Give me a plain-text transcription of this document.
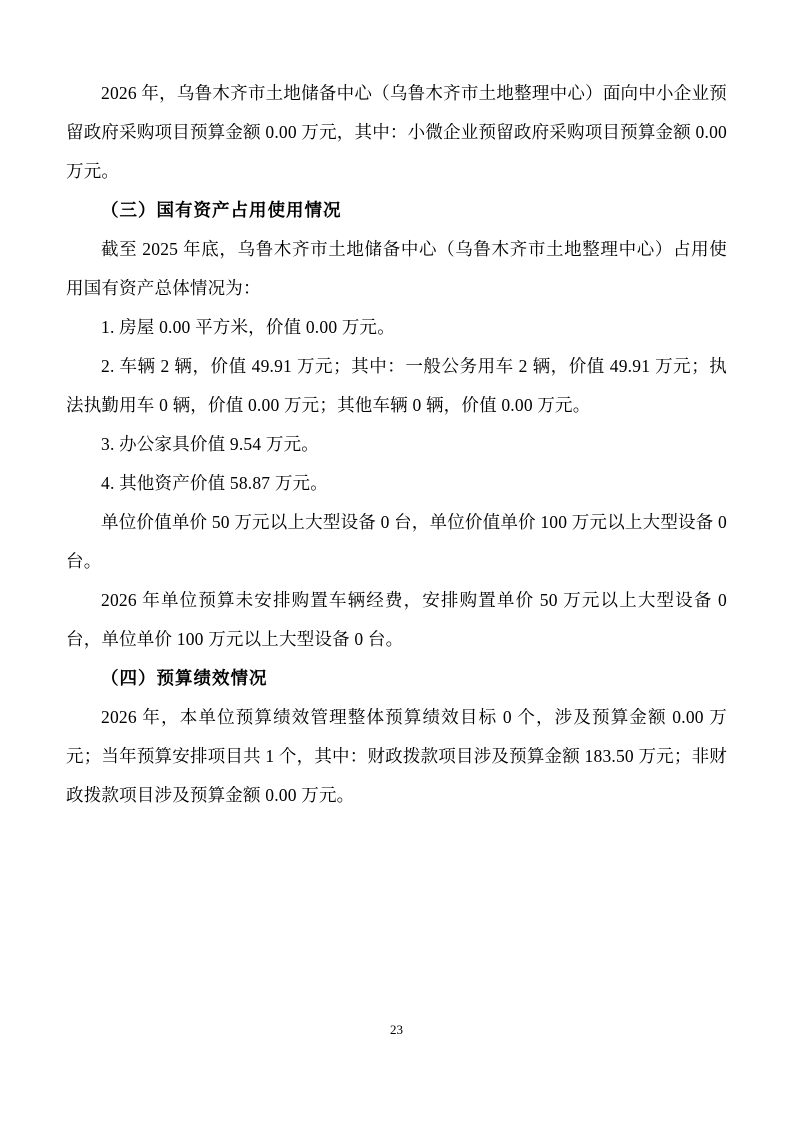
2026 年，乌鲁木齐市土地储备中心（乌鲁木齐市土地整理中心）面向中小企业预留政府采购项目预算金额 0.00 万元，其中：小微企业预留政府采购项目预算金额 0.00 万元。

（三）国有资产占用使用情况

截至 2025 年底，乌鲁木齐市土地储备中心（乌鲁木齐市土地整理中心）占用使用国有资产总体情况为：

1. 房屋 0.00 平方米，价值 0.00 万元。

2. 车辆 2 辆，价值 49.91 万元；其中：一般公务用车 2 辆，价值 49.91 万元；执法执勤用车 0 辆，价值 0.00 万元；其他车辆 0 辆，价值 0.00 万元。

3. 办公家具价值 9.54 万元。

4. 其他资产价值 58.87 万元。

单位价值单价 50 万元以上大型设备 0 台，单位价值单价 100 万元以上大型设备 0 台。

2026 年单位预算未安排购置车辆经费，安排购置单价 50 万元以上大型设备 0 台，单位单价 100 万元以上大型设备 0 台。

（四）预算绩效情况

2026 年，本单位预算绩效管理整体预算绩效目标 0 个，涉及预算金额 0.00 万元；当年预算安排项目共 1 个，其中：财政拨款项目涉及预算金额 183.50 万元；非财政拨款项目涉及预算金额 0.00 万元。

23
